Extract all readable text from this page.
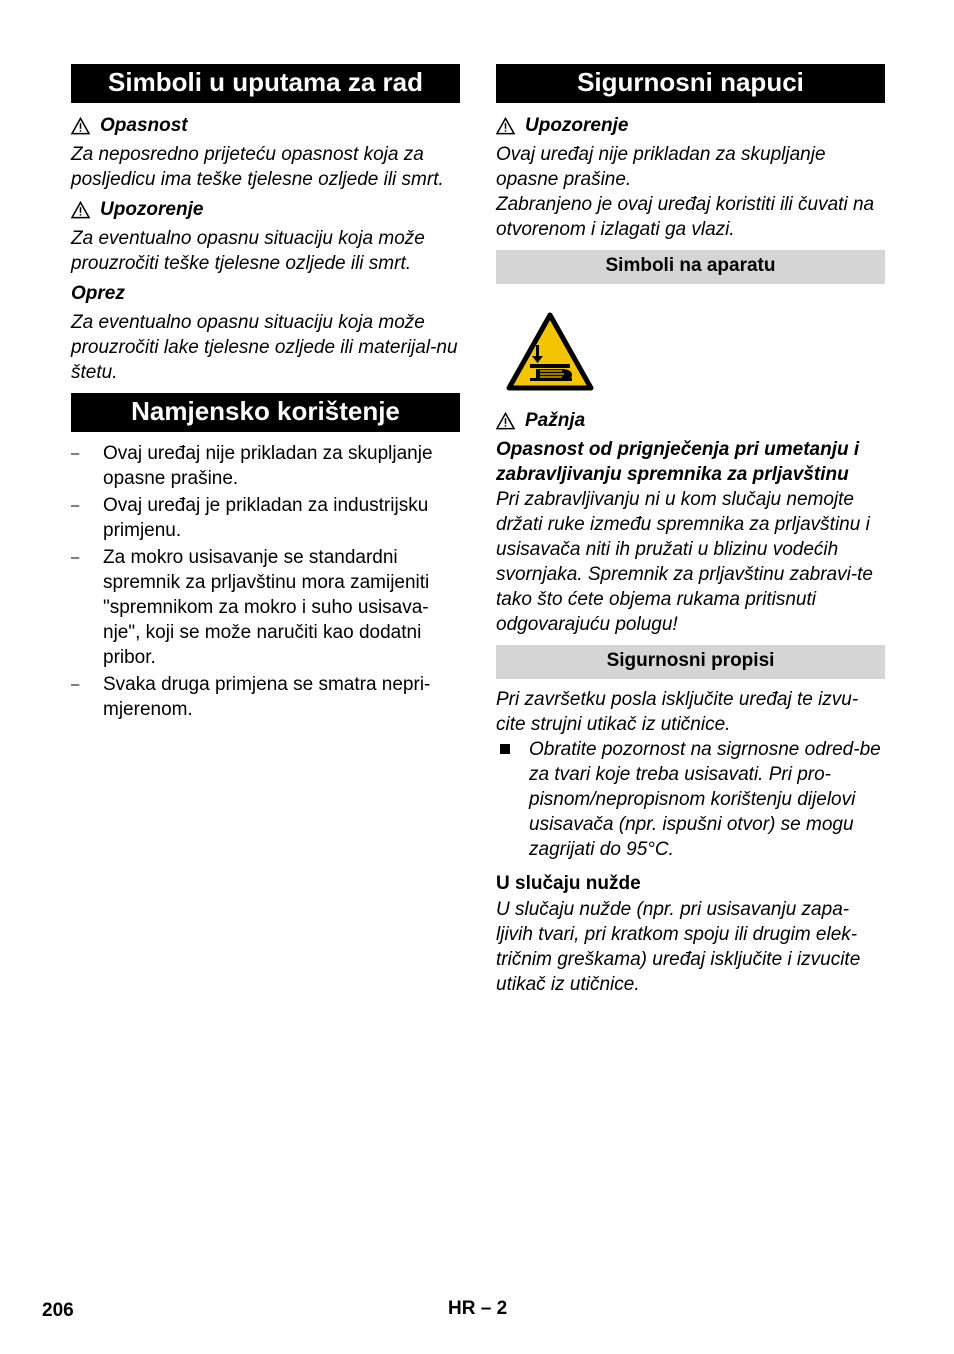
Simboli u uputama za rad
Opasnost

Za neposredno prijeteću opasnost koja za posljedicu ima teške tjelesne ozljede ili smrt.

Upozorenje

Za eventualno opasnu situaciju koja može prouzročiti teške tjelesne ozljede ili smrt.

Oprez

Za eventualno opasnu situaciju koja može prouzročiti lake tjelesne ozljede ili materijal-nu štetu.

Namjensko korištenje
– Ovaj uređaj nije prikladan za skupljanje opasne prašine.
– Ovaj uređaj je prikladan za industrijsku primjenu.
– Za mokro usisavanje se standardni spremnik za prljavštinu mora zamijeniti "spremnikom za mokro i suho usisava-nje", koji se može naručiti kao dodatni pribor.
– Svaka druga primjena se smatra nepri-mjerenom.
Sigurnosni napuci
Upozorenje

Ovaj uređaj nije prikladan za skupljanje opasne prašine.

Zabranjeno je ovaj uređaj koristiti ili čuvati na otvorenom i izlagati ga vlazi.

Simboli na aparatu
Pažnja

Opasnost od prignječenja pri umetanju i zabravljivanju spremnika za prljavštinu

Pri zabravljivanju ni u kom slučaju nemojte držati ruke između spremnika za prljavštinu i usisavača niti ih pružati u blizinu vodećih svornjaka. Spremnik za prljavštinu zabravi-te tako što ćete objema rukama pritisnuti odgovarajuću polugu!

Sigurnosni propisi

Pri završetku posla isključite uređaj te izvu-cite strujni utikač iz utičnice.

Obratite pozornost na sigrnosne odred-be za tvari koje treba usisavati. Pri pro-pisnom/nepropisnom korištenju dijelovi usisavača (npr. ispušni otvor) se mogu zagrijati do 95°C.

U slučaju nužde

U slučaju nužde (npr. pri usisavanju zapa-ljivih tvari, pri kratkom spoju ili drugim elek-tričnim greškama) uređaj isključite i izvucite utikač iz utičnice.

206	HR – 2
